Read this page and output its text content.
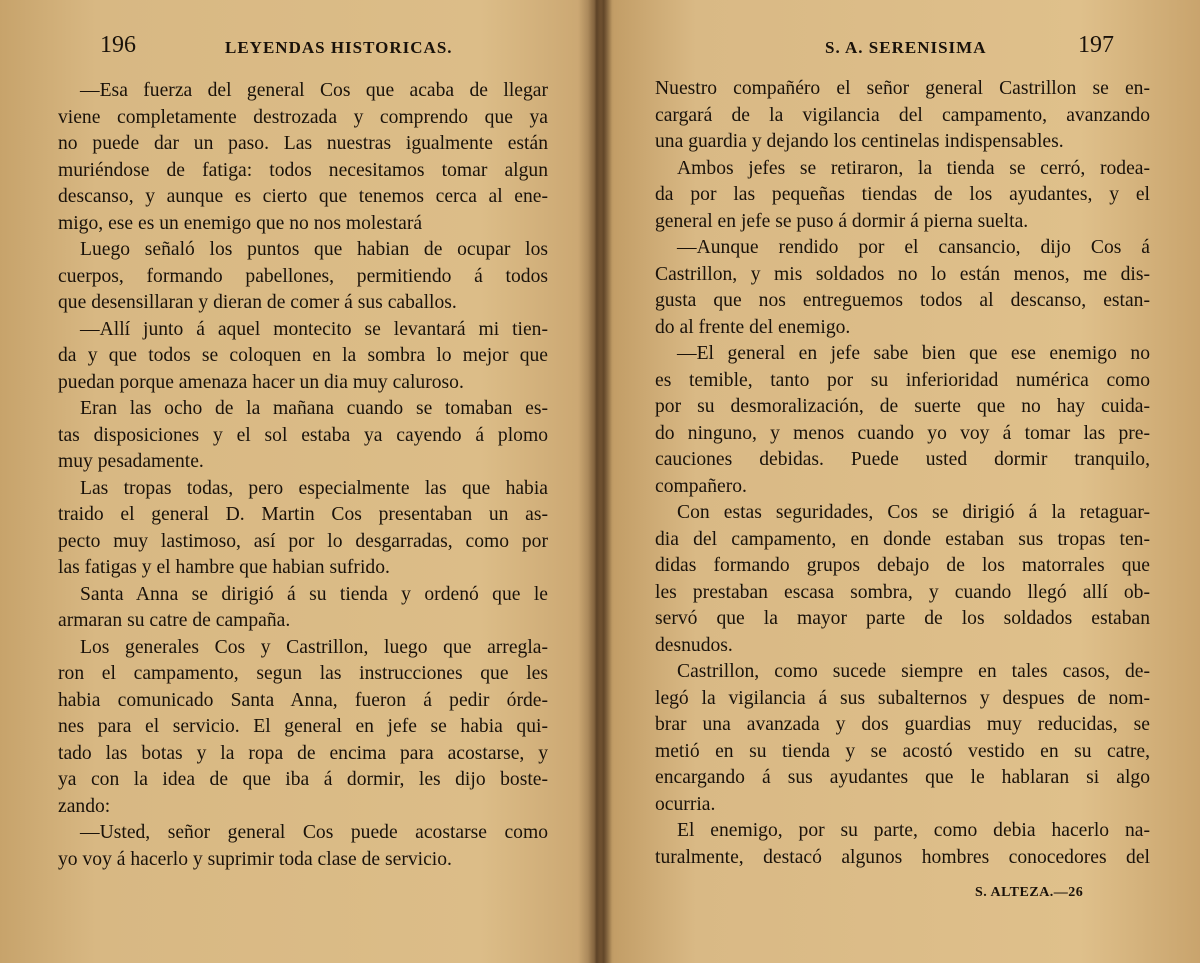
196	LEYENDAS HISTORICAS.
—Esa fuerza del general Cos que acaba de llegar
viene completamente destrozada y comprendo que ya
no puede dar un paso. Las nuestras igualmente están
muriéndose de fatiga: todos necesitamos tomar algun
descanso, y aunque es cierto que tenemos cerca al ene-
migo, ese es un enemigo que no nos molestará
Luego señaló los puntos que habian de ocupar los
cuerpos, formando pabellones, permitiendo á todos
que desensillaran y dieran de comer á sus caballos.
—Allí junto á aquel montecito se levantará mi tien-
da y que todos se coloquen en la sombra lo mejor que
puedan porque amenaza hacer un dia muy caluroso.
Eran las ocho de la mañana cuando se tomaban es-
tas disposiciones y el sol estaba ya cayendo á plomo
muy pesadamente.
Las tropas todas, pero especialmente las que habia
traido el general D. Martin Cos presentaban un as-
pecto muy lastimoso, así por lo desgarradas, como por
las fatigas y el hambre que habian sufrido.
Santa Anna se dirigió á su tienda y ordenó que le
armaran su catre de campaña.
Los generales Cos y Castrillon, luego que arregla-
ron el campamento, segun las instrucciones que les
habia comunicado Santa Anna, fueron á pedir órde-
nes para el servicio. El general en jefe se habia qui-
tado las botas y la ropa de encima para acostarse, y
ya con la idea de que iba á dormir, les dijo boste-
zando:
—Usted, señor general Cos puede acostarse como
yo voy á hacerlo y suprimir toda clase de servicio.
S. A. SERENISIMA	197
Nuestro compañéro el señor general Castrillon se en-
cargará de la vigilancia del campamento, avanzando
una guardia y dejando los centinelas indispensables.
Ambos jefes se retiraron, la tienda se cerró, rodea-
da por las pequeñas tiendas de los ayudantes, y el
general en jefe se puso á dormir á pierna suelta.
—Aunque rendido por el cansancio, dijo Cos á
Castrillon, y mis soldados no lo están menos, me dis-
gusta que nos entreguemos todos al descanso, estan-
do al frente del enemigo.
—El general en jefe sabe bien que ese enemigo no
es temible, tanto por su inferioridad numérica como
por su desmoralización, de suerte que no hay cuida-
do ninguno, y menos cuando yo voy á tomar las pre-
cauciones debidas. Puede usted dormir tranquilo,
compañero.
Con estas seguridades, Cos se dirigió á la retaguar-
dia del campamento, en donde estaban sus tropas ten-
didas formando grupos debajo de los matorrales que
les prestaban escasa sombra, y cuando llegó allí ob-
servó que la mayor parte de los soldados estaban
desnudos.
Castrillon, como sucede siempre en tales casos, de-
legó la vigilancia á sus subalternos y despues de nom-
brar una avanzada y dos guardias muy reducidas, se
metió en su tienda y se acostó vestido en su catre,
encargando á sus ayudantes que le hablaran si algo
ocurria.
El enemigo, por su parte, como debia hacerlo na-
turalmente, destacó algunos hombres conocedores del
S. ALTEZA.—26
